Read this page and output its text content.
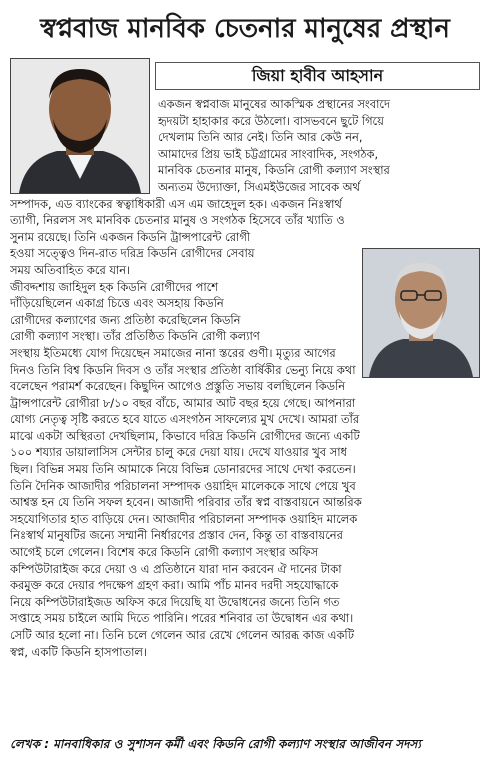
স্বপ্নবাজ মানবিক চেতনার মানুষের প্রস্থান
জিয়া হাবীব আহসান
একজন স্বপ্নবাজ মানুষের আকস্মিক প্রস্থানের সংবাদে
হৃদয়টা হাহাকার করে উঠলো। বাসভবনে ছুটে গিয়ে
দেখলাম তিনি আর নেই। তিনি আর কেউ নন,
আমাদের প্রিয় ভাই চট্টগ্রামের সাংবাদিক, সংগঠক,
মানবিক চেতনার মানুষ, কিডনি রোগী কল্যাণ সংস্থার
অন্যতম উদ্যোক্তা, সিএমইউজের সাবেক অর্থ
সম্পাদক, এড ব্যাংকের স্বত্বাধিকারী এস এম জাহেদুল হক। একজন নিঃস্বার্থ
ত্যাগী, নিরলস সৎ মানবিক চেতনার মানুষ ও সংগঠক হিসেবে তাঁর খ্যাতি ও
সুনাম রয়েছে। তিনি একজন কিডনি ট্রান্সপারেন্ট রোগী
হওয়া সত্ত্বেও দিন-রাত দরিদ্র কিডনি রোগীদের সেবায়
সময় অতিবাহিত করে যান।
জীবদ্দশায় জাহিদুল হক কিডনি রোগীদের পাশে
দাঁড়িয়েছিলেন একাগ্র চিত্তে এবং অসহায় কিডনি
রোগীদের কল্যাণের জন্য প্রতিষ্ঠা করেছিলেন কিডনি
রোগী কল্যাণ সংস্থা। তাঁর প্রতিষ্ঠিত কিডনি রোগী কল্যাণ
সংস্থায় ইতিমধ্যে যোগ দিয়েছেন সমাজের নানা স্তরের গুণী। মৃত্যুর আগের
দিনও তিনি বিশ্ব কিডনি দিবস ও তাঁর সংস্থার প্রতিষ্ঠা বার্ষিকীর ভেন্যু নিয়ে কথা
বলেছেন পরামর্শ করেছেন। কিছুদিন আগেও প্রস্তুতি সভায় বলছিলেন কিডনি
ট্রান্সপারেন্ট রোগীরা ৮/১০ বছর বাঁচে, আমার আট বছর হয়ে গেছে। আপনারা
যোগ্য নেতৃত্ব সৃষ্টি করতে হবে যাতে এসংগঠন সাফল্যের মুখ দেখে। আমরা তাঁর
মাঝে একটা অস্থিরতা দেখছিলাম, কিভাবে দরিদ্র কিডনি রোগীদের জন্যে একটি
১০০ শয্যার ডায়ালাসিস সেন্টার চালু করে দেয়া যায়। দেখে যাওয়ার খুব সাধ
ছিল। বিভিন্ন সময় তিনি আমাকে নিয়ে বিভিন্ন ডোনারদের সাথে দেখা করতেন।
তিনি দৈনিক আজাদীর পরিচালনা সম্পাদক ওয়াহিদ মালেককে সাথে পেয়ে খুব
আশ্বস্ত হন যে তিনি সফল হবেন। আজাদী পরিবার তাঁর স্বপ্ন বাস্তবায়নে আন্তরিক
সহযোগিতার হাত বাড়িয়ে দেন। আজাদীর পরিচালনা সম্পাদক ওয়াহিদ মালেক
নিঃস্বার্থ মানুষটির জন্যে সম্মানী নির্ধারণের প্রস্তাব দেন, কিন্তু তা বাস্তবায়নের
আগেই চলে গেলেন। বিশেষ করে কিডনি রোগী কল্যাণ সংস্থার অফিস
কম্পিউটারাইজ করে দেয়া ও এ প্রতিষ্ঠানে যারা দান করবেন ঐ দানের টাকা
করমুক্ত করে দেয়ার পদক্ষেপ গ্রহণ করা। আমি পাঁচ মানব দরদী সহযোদ্ধাকে
নিয়ে কম্পিউটারাইজড অফিস করে দিয়েছি যা উদ্বোধনের জন্যে তিনি গত
সপ্তাহে সময় চাইলে আমি দিতে পারিনি। পরের শনিবার তা উদ্বোধন এর কথা।
সেটি আর হলো না। তিনি চলে গেলেন আর রেখে গেলেন আরব্ধ কাজ একটি
স্বপ্ন, একটি কিডনি হাসপাতাল।
লেখক : মানবাধিকার ও সুশাসন কর্মী এবং কিডনি রোগী কল্যাণ সংস্থার আজীবন সদস্য
